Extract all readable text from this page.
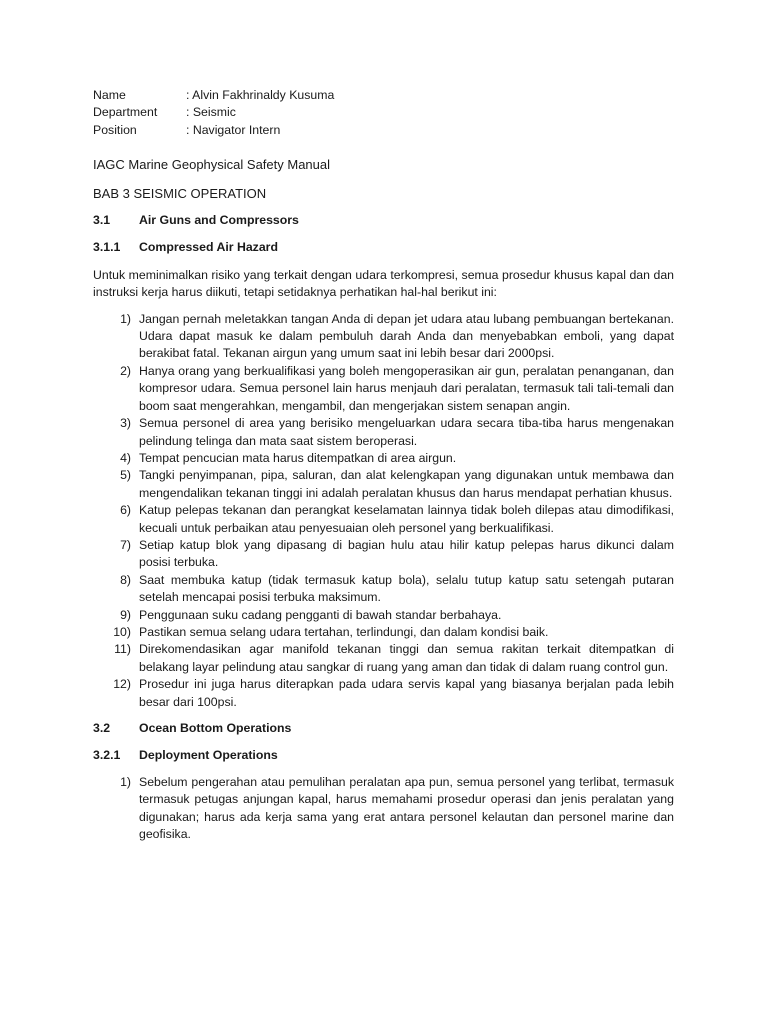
Name	: Alvin Fakhrinaldy Kusuma
Department	: Seismic
Position	: Navigator Intern
IAGC Marine Geophysical Safety Manual
BAB 3 SEISMIC OPERATION
3.1	Air Guns and Compressors
3.1.1	Compressed Air Hazard

Untuk meminimalkan risiko yang terkait dengan udara terkompresi, semua prosedur khusus kapal dan dan instruksi kerja harus diikuti, tetapi setidaknya perhatikan hal-hal berikut ini:

1) Jangan pernah meletakkan tangan Anda di depan jet udara atau lubang pembuangan bertekanan. Udara dapat masuk ke dalam pembuluh darah Anda dan menyebabkan emboli, yang dapat berakibat fatal. Tekanan airgun yang umum saat ini lebih besar dari 2000psi.
2) Hanya orang yang berkualifikasi yang boleh mengoperasikan air gun, peralatan penanganan, dan kompresor udara. Semua personel lain harus menjauh dari peralatan, termasuk tali tali-temali dan boom saat mengerahkan, mengambil, dan mengerjakan sistem senapan angin.
3) Semua personel di area yang berisiko mengeluarkan udara secara tiba-tiba harus mengenakan pelindung telinga dan mata saat sistem beroperasi.
4) Tempat pencucian mata harus ditempatkan di area airgun.
5) Tangki penyimpanan, pipa, saluran, dan alat kelengkapan yang digunakan untuk membawa dan mengendalikan tekanan tinggi ini adalah peralatan khusus dan harus mendapat perhatian khusus.
6) Katup pelepas tekanan dan perangkat keselamatan lainnya tidak boleh dilepas atau dimodifikasi, kecuali untuk perbaikan atau penyesuaian oleh personel yang berkualifikasi.
7) Setiap katup blok yang dipasang di bagian hulu atau hilir katup pelepas harus dikunci dalam posisi terbuka.
8) Saat membuka katup (tidak termasuk katup bola), selalu tutup katup satu setengah putaran setelah mencapai posisi terbuka maksimum.
9) Penggunaan suku cadang pengganti di bawah standar berbahaya.
10) Pastikan semua selang udara tertahan, terlindungi, dan dalam kondisi baik.
11) Direkomendasikan agar manifold tekanan tinggi dan semua rakitan terkait ditempatkan di belakang layar pelindung atau sangkar di ruang yang aman dan tidak di dalam ruang control gun.
12) Prosedur ini juga harus diterapkan pada udara servis kapal yang biasanya berjalan pada lebih besar dari 100psi.
3.2	Ocean Bottom Operations
3.2.1	Deployment Operations
1) Sebelum pengerahan atau pemulihan peralatan apa pun, semua personel yang terlibat, termasuk termasuk petugas anjungan kapal, harus memahami prosedur operasi dan jenis peralatan yang digunakan; harus ada kerja sama yang erat antara personel kelautan dan personel marine dan geofisika.
